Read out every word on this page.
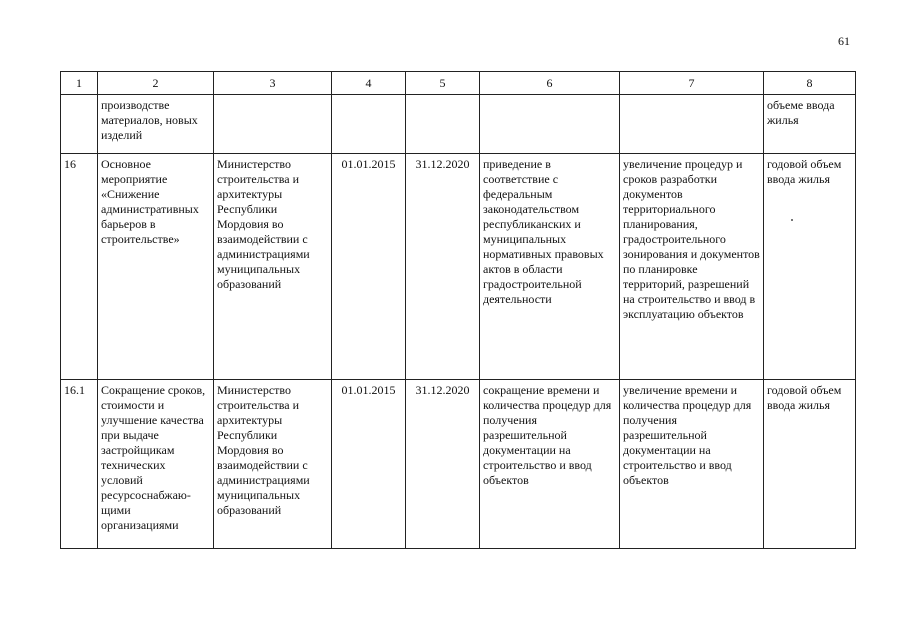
61
1	2	3	4	5	6	7	8
	производстве материалов, новых изделий						объеме ввода жилья
16	Основное мероприятие «Снижение административных барьеров в строительстве»	Министерство строительства и архитектуры Республики Мордовия во взаимодействии с администрациями муниципальных образований	01.01.2015	31.12.2020	приведение в соответствие с федеральным законодательством республиканских и муниципальных нормативных правовых актов в области градостроительной деятельности	увеличение процедур и сроков разработки документов территориального планирования, градостроительного зонирования и документов по планировке территорий, разрешений на строительство и ввод в эксплуатацию объектов	годовой объем ввода жилья
16.1	Сокращение сроков, стоимости и улучшение качества при выдаче застройщикам технических условий ресурсоснабжаю-щими организациями	Министерство строительства и архитектуры Республики Мордовия во взаимодействии с администрациями муниципальных образований	01.01.2015	31.12.2020	сокращение времени и количества процедур для получения разрешительной документации на строительство и ввод объектов	увеличение времени и количества процедур для получения разрешительной документации на строительство и ввод объектов	годовой объем ввода жилья
